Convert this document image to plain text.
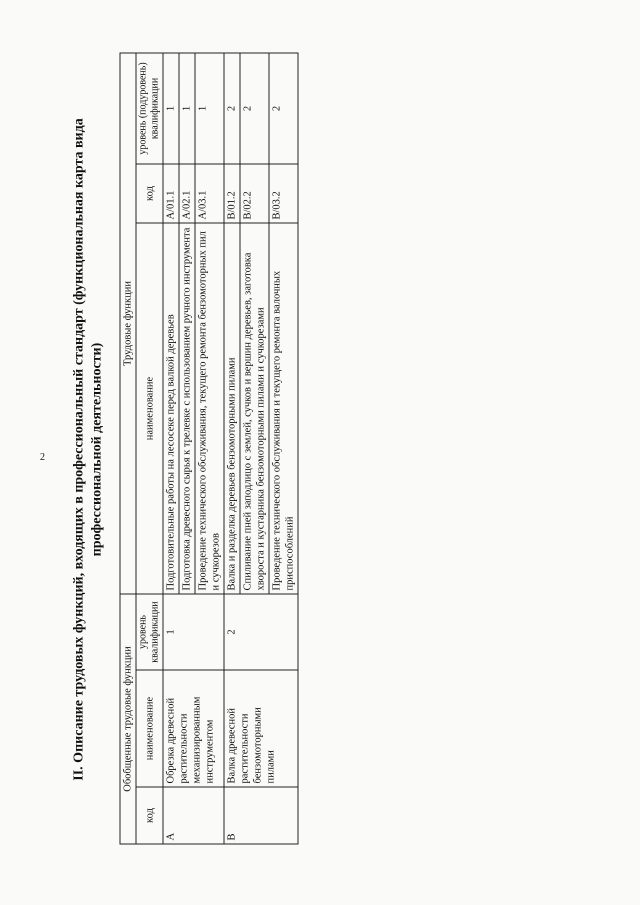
2 II. Описание трудовых функций, входящих в профессиональный стандарт (функциональная карта вида профессиональной деятельности)
Обобщенные трудовые функции			Трудовые функции		
код	наименование	уровень квалификации	наименование	код	уровень (подуровень) квалификации
A	Обрезка древесной растительности механизированным инструментом	1	Подготовительные работы на лесосеке перед валкой деревьев	A/01.1	1
			Подготовка древесного сырья к трелевке с использованием ручного инструмента	A/02.1	1
			Проведение технического обслуживания, текущего ремонта бензомоторных пил и сучкорезов	A/03.1	1
B	Валка древесной растительности бензомоторными пилами	2	Валка и разделка деревьев бензомоторными пилами	B/01.2	2
			Спиливание пней заподлицо с землей, сучков и вершин деревьев, заготовка хвороста и кустарника бензомоторными пилами и сучкорезами	B/02.2	2
			Проведение технического обслуживания и текущего ремонта валочных приспособлений	B/03.2	2
